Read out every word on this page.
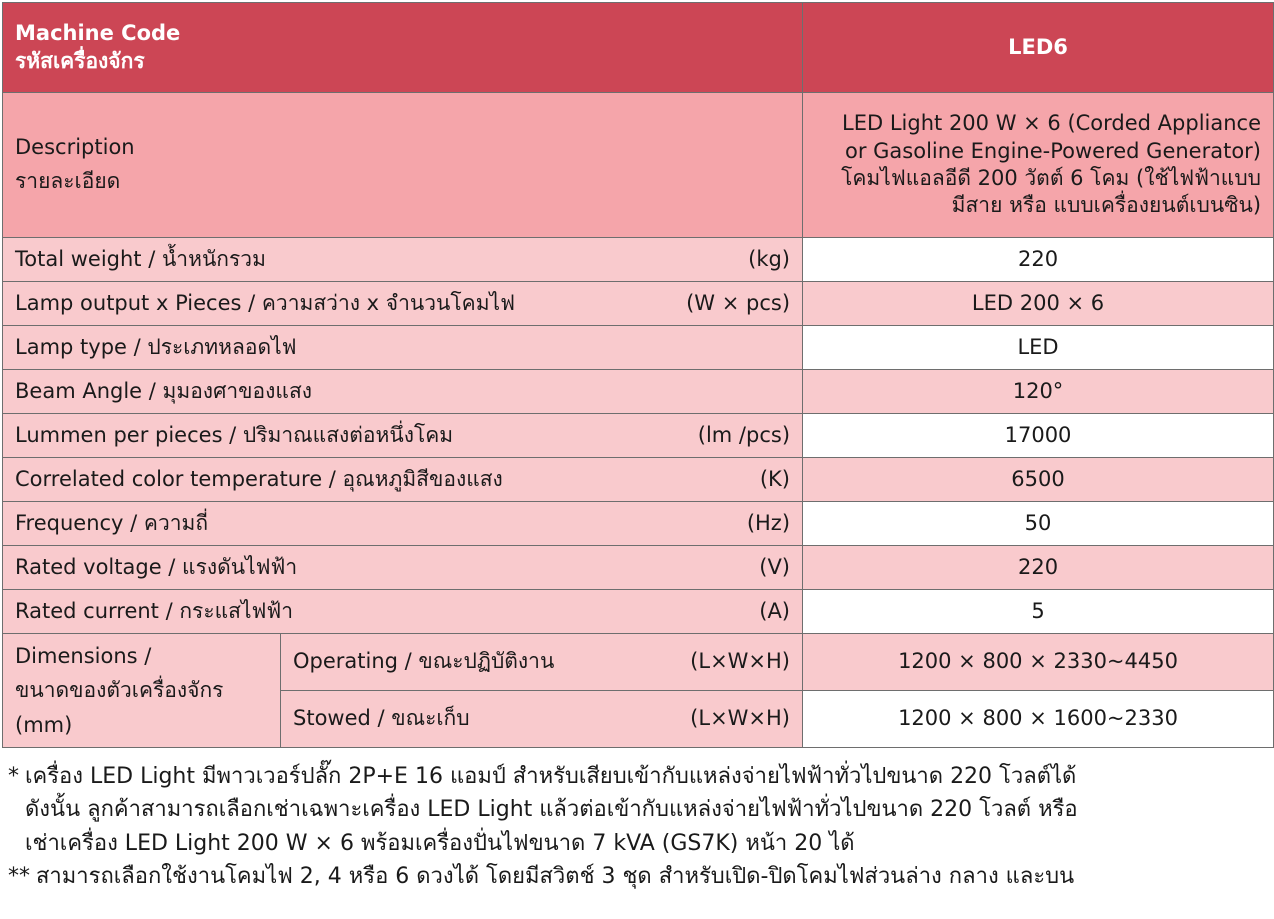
Machine Code
รหัสเครื่องจักร		LED6

Description
รายละเอียด		LED Light 200 W × 6 (Corded Appliance
or Gasoline Engine-Powered Generator)
โคมไฟแอลอีดี 200 วัตต์ 6 โคม (ใช้ไฟฟ้าแบบ
มีสาย หรือ แบบเครื่องยนต์เบนซิน)

Total weight / น้ำหนักรวม (kg)		220

Lamp output x Pieces / ความสว่าง x จำนวนโคมไฟ (W × pcs)		LED 200 × 6

Lamp type / ประเภทหลอดไฟ		LED

Beam Angle / มุมองศาของแสง		120°

Lummen per pieces / ปริมาณแสงต่อหนึ่งโคม (lm /pcs)		17000

Correlated color temperature / อุณหภูมิสีของแสง (K)		6500

Frequency / ความถี่ (Hz)		50

Rated voltage / แรงดันไฟฟ้า (V)		220

Rated current / กระแสไฟฟ้า (A)		5

Dimensions /
ขนาดของตัวเครื่องจักร
(mm)	Operating / ขณะปฏิบัติงาน (L×W×H)	1200 × 800 × 2330~4450

	Stowed / ขณะเก็บ (L×W×H)	1200 × 800 × 1600~2330
* เครื่อง LED Light มีพาวเวอร์ปลั๊ก 2P+E 16 แอมป์ สำหรับเสียบเข้ากับแหล่งจ่ายไฟฟ้าทั่วไปขนาด 220 โวลต์ได้
ดังนั้น ลูกค้าสามารถเลือกเช่าเฉพาะเครื่อง LED Light แล้วต่อเข้ากับแหล่งจ่ายไฟฟ้าทั่วไปขนาด 220 โวลต์ หรือ
เช่าเครื่อง LED Light 200 W × 6 พร้อมเครื่องปั่นไฟขนาด 7 kVA (GS7K) หน้า 20 ได้
** สามารถเลือกใช้งานโคมไฟ 2, 4 หรือ 6 ดวงได้ โดยมีสวิตช์ 3 ชุด สำหรับเปิด-ปิดโคมไฟส่วนล่าง กลาง และบน
